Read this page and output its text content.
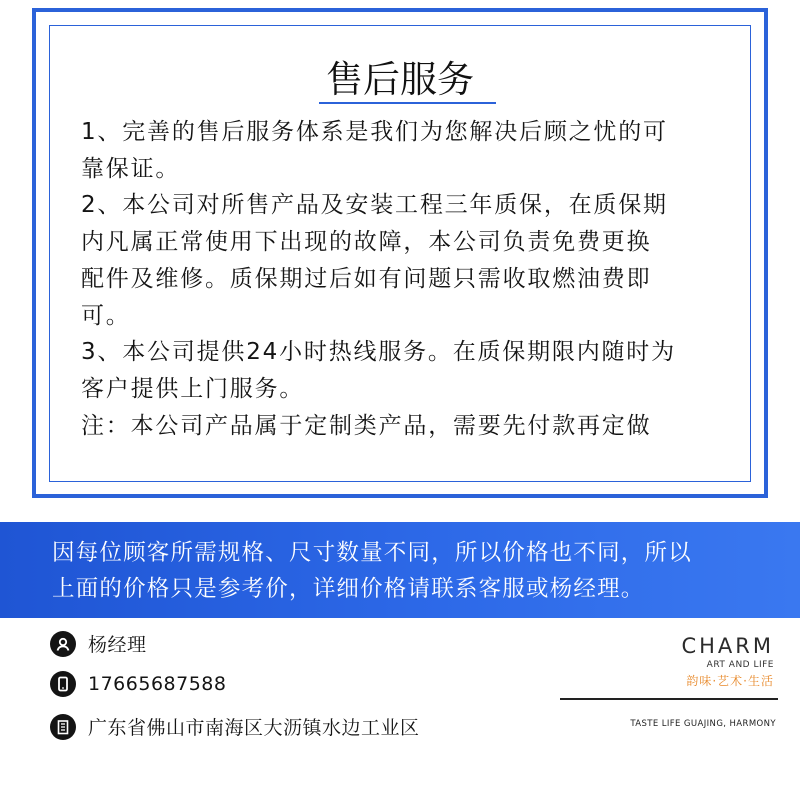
售后服务

1、完善的售后服务体系是我们为您解决后顾之忧的可

靠保证。

2、本公司对所售产品及安装工程三年质保，在质保期

内凡属正常使用下出现的故障，本公司负责免费更换

配件及维修。质保期过后如有问题只需收取燃油费即

可。

3、本公司提供24小时热线服务。在质保期限内随时为

客户提供上门服务。

注：本公司产品属于定制类产品，需要先付款再定做

因每位顾客所需规格、尺寸数量不同，所以价格也不同，所以

上面的价格只是参考价，详细价格请联系客服或杨经理。

杨经理
17665687588
广东省佛山市南海区大沥镇水边工业区
CHARM
ART AND LIFE
韵味·艺术·生活
TASTE LIFE GUAJING, HARMONY
